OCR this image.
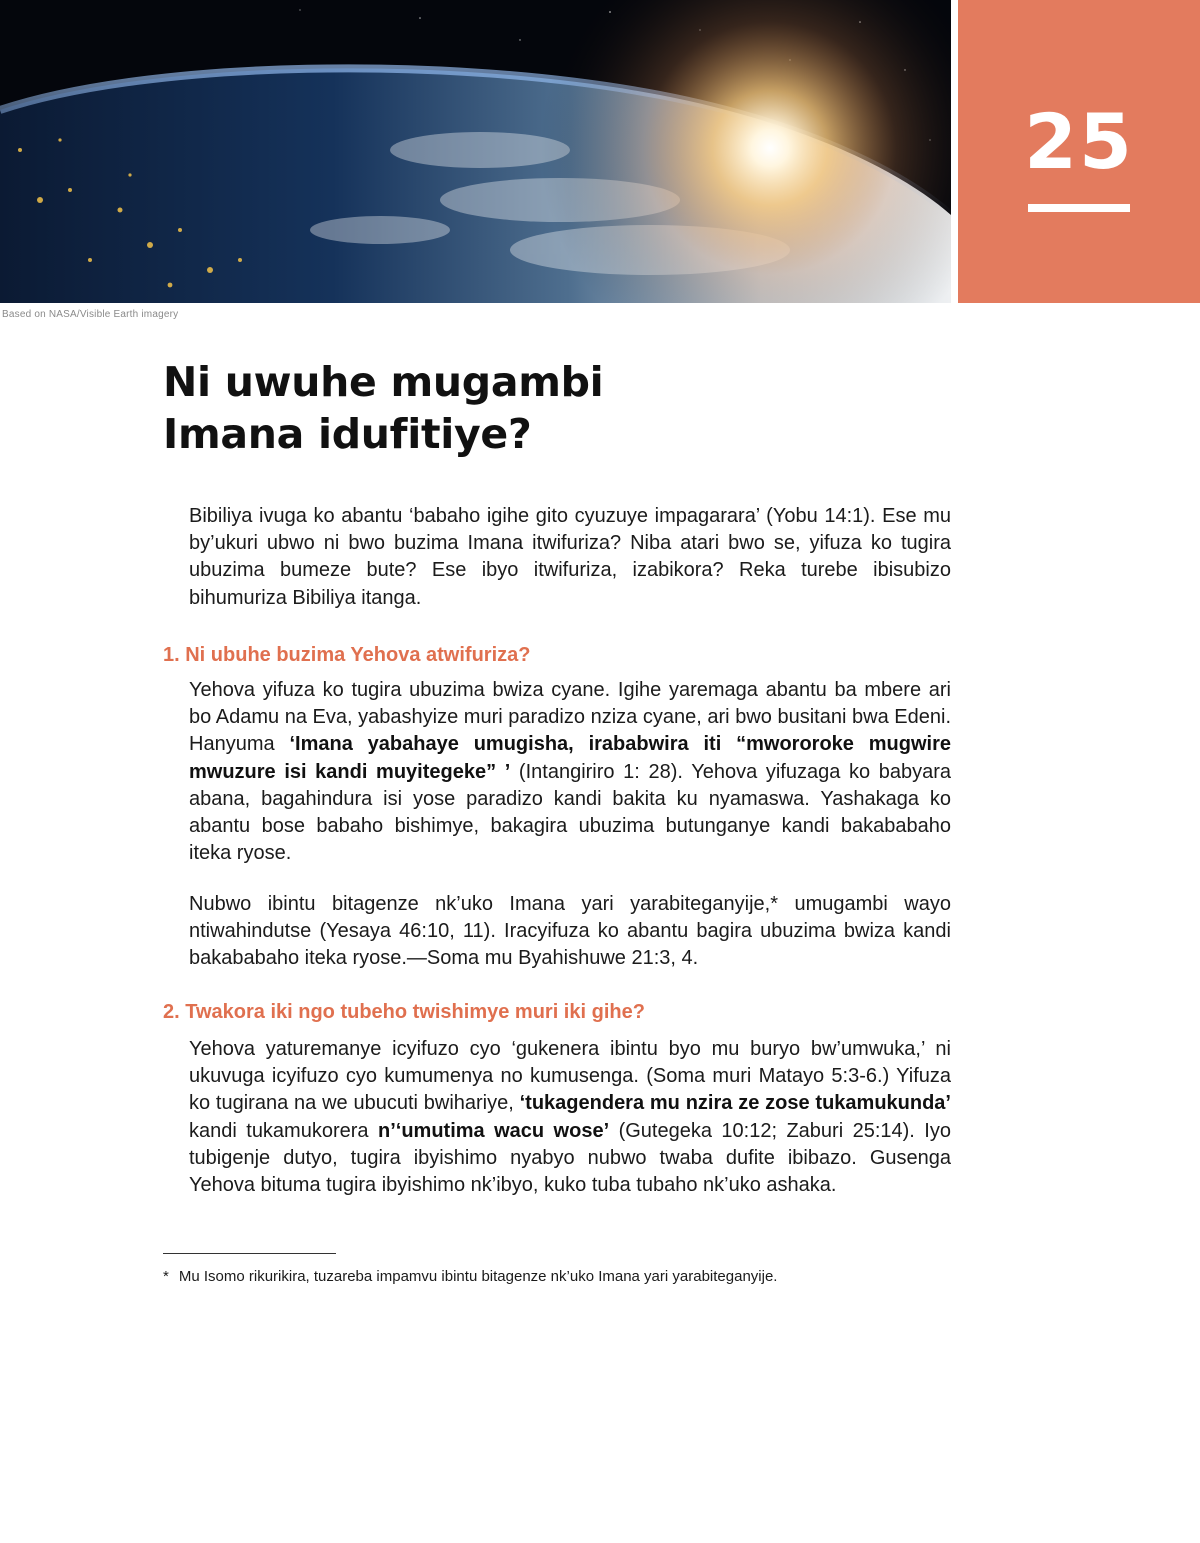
Based on NASA/Visible Earth imagery
25
Ni uwuhe mugambi
Imana idufitiye?

Bibiliya ivuga ko abantu ‘babaho igihe gito cyuzuye impagarara’ (Yobu 14:1). Ese mu by’ukuri ubwo ni bwo buzima Imana itwifuriza? Niba atari bwo se, yifuza ko tugira ubuzima bumeze bute? Ese ibyo itwifuriza, izabikora? Reka turebe ibisubizo bihumuriza Bibiliya itanga.

1. Ni ubuhe buzima Yehova atwifuriza?

Yehova yifuza ko tugira ubuzima bwiza cyane. Igihe yaremaga abantu ba mbere ari bo Adamu na Eva, yabashyize muri paradizo nziza cyane, ari bwo busitani bwa Edeni. Hanyuma ‘Imana yabahaye umugisha, irababwira iti “mwororoke mugwire mwuzure isi kandi muyitegeke” ’ (Intangiriro 1: 28). Yehova yifuzaga ko babyara abana, bagahindura isi yose paradizo kandi bakita ku nyamaswa. Yashakaga ko abantu bose babaho bishimye, bakagira ubuzima butunganye kandi bakababaho iteka ryose.

Nubwo ibintu bitagenze nk’uko Imana yari yarabiteganyije,* umugambi wayo ntiwahindutse (Yesaya 46:10, 11). Iracyifuza ko abantu bagira ubuzima bwiza kandi bakababaho iteka ryose.—Soma mu Byahishuwe 21:3, 4.

2. Twakora iki ngo tubeho twishimye muri iki gihe?

Yehova yaturemanye icyifuzo cyo ‘gukenera ibintu byo mu buryo bw’umwuka,’ ni ukuvuga icyifuzo cyo kumumenya no kumusenga. (Soma muri Matayo 5:3-6.) Yifuza ko tugirana na we ubucuti bwihariye, ‘tukagendera mu nzira ze zose tukamukunda’ kandi tukamukorera n’‘umutima wacu wose’ (Gutegeka 10:12; Zaburi 25:14). Iyo tubigenje dutyo, tugira ibyishimo nyabyo nubwo twaba dufite ibibazo. Gusenga Yehova bituma tugira ibyishimo nk’ibyo, kuko tuba tubaho nk’uko ashaka.

* Mu Isomo rikurikira, tuzareba impamvu ibintu bitagenze nk’uko Imana yari yarabiteganyije.
